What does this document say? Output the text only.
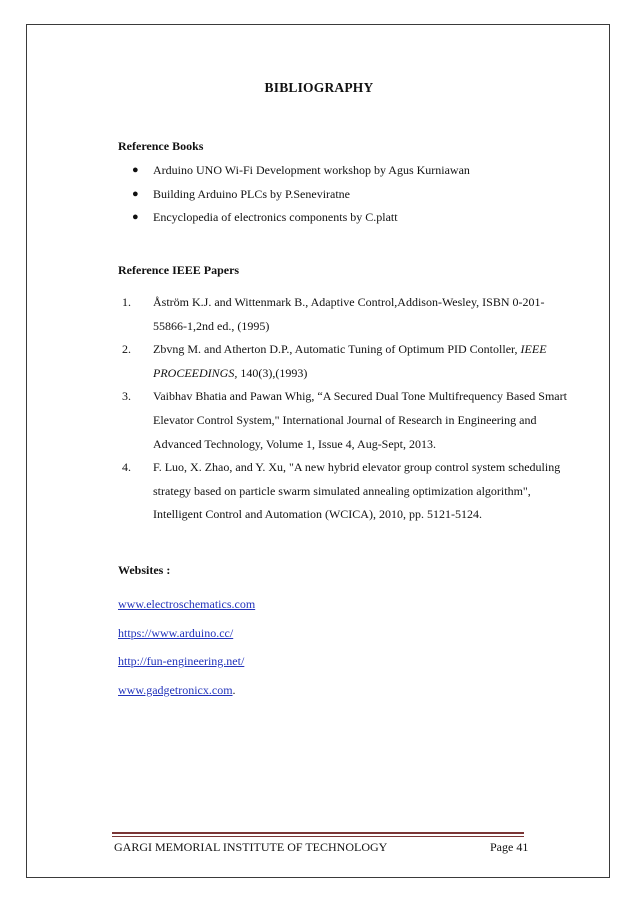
BIBLIOGRAPHY
Reference Books
● Arduino UNO Wi-Fi Development workshop by Agus Kurniawan
● Building Arduino PLCs by P.Seneviratne
● Encyclopedia of electronics components by C.platt
Reference IEEE Papers
1. Åström K.J. and Wittenmark B., Adaptive Control,Addison-Wesley, ISBN 0-201-55866-1,2nd ed., (1995)
2. Zbvng M. and Atherton D.P., Automatic Tuning of Optimum PID Contoller, IEEE PROCEEDINGS, 140(3),(1993)
3. Vaibhav Bhatia and Pawan Whig, “A Secured Dual Tone Multifrequency Based Smart Elevator Control System," International Journal of Research in Engineering and Advanced Technology, Volume 1, Issue 4, Aug-Sept, 2013.
4. F. Luo, X. Zhao, and Y. Xu, "A new hybrid elevator group control system scheduling strategy based on particle swarm simulated annealing optimization algorithm", Intelligent Control and Automation (WCICA), 2010, pp. 5121-5124.
Websites :
www.electroschematics.com
https://www.arduino.cc/
http://fun-engineering.net/
www.gadgetronicx.com.
GARGI MEMORIAL INSTITUTE OF TECHNOLOGY	Page 41
